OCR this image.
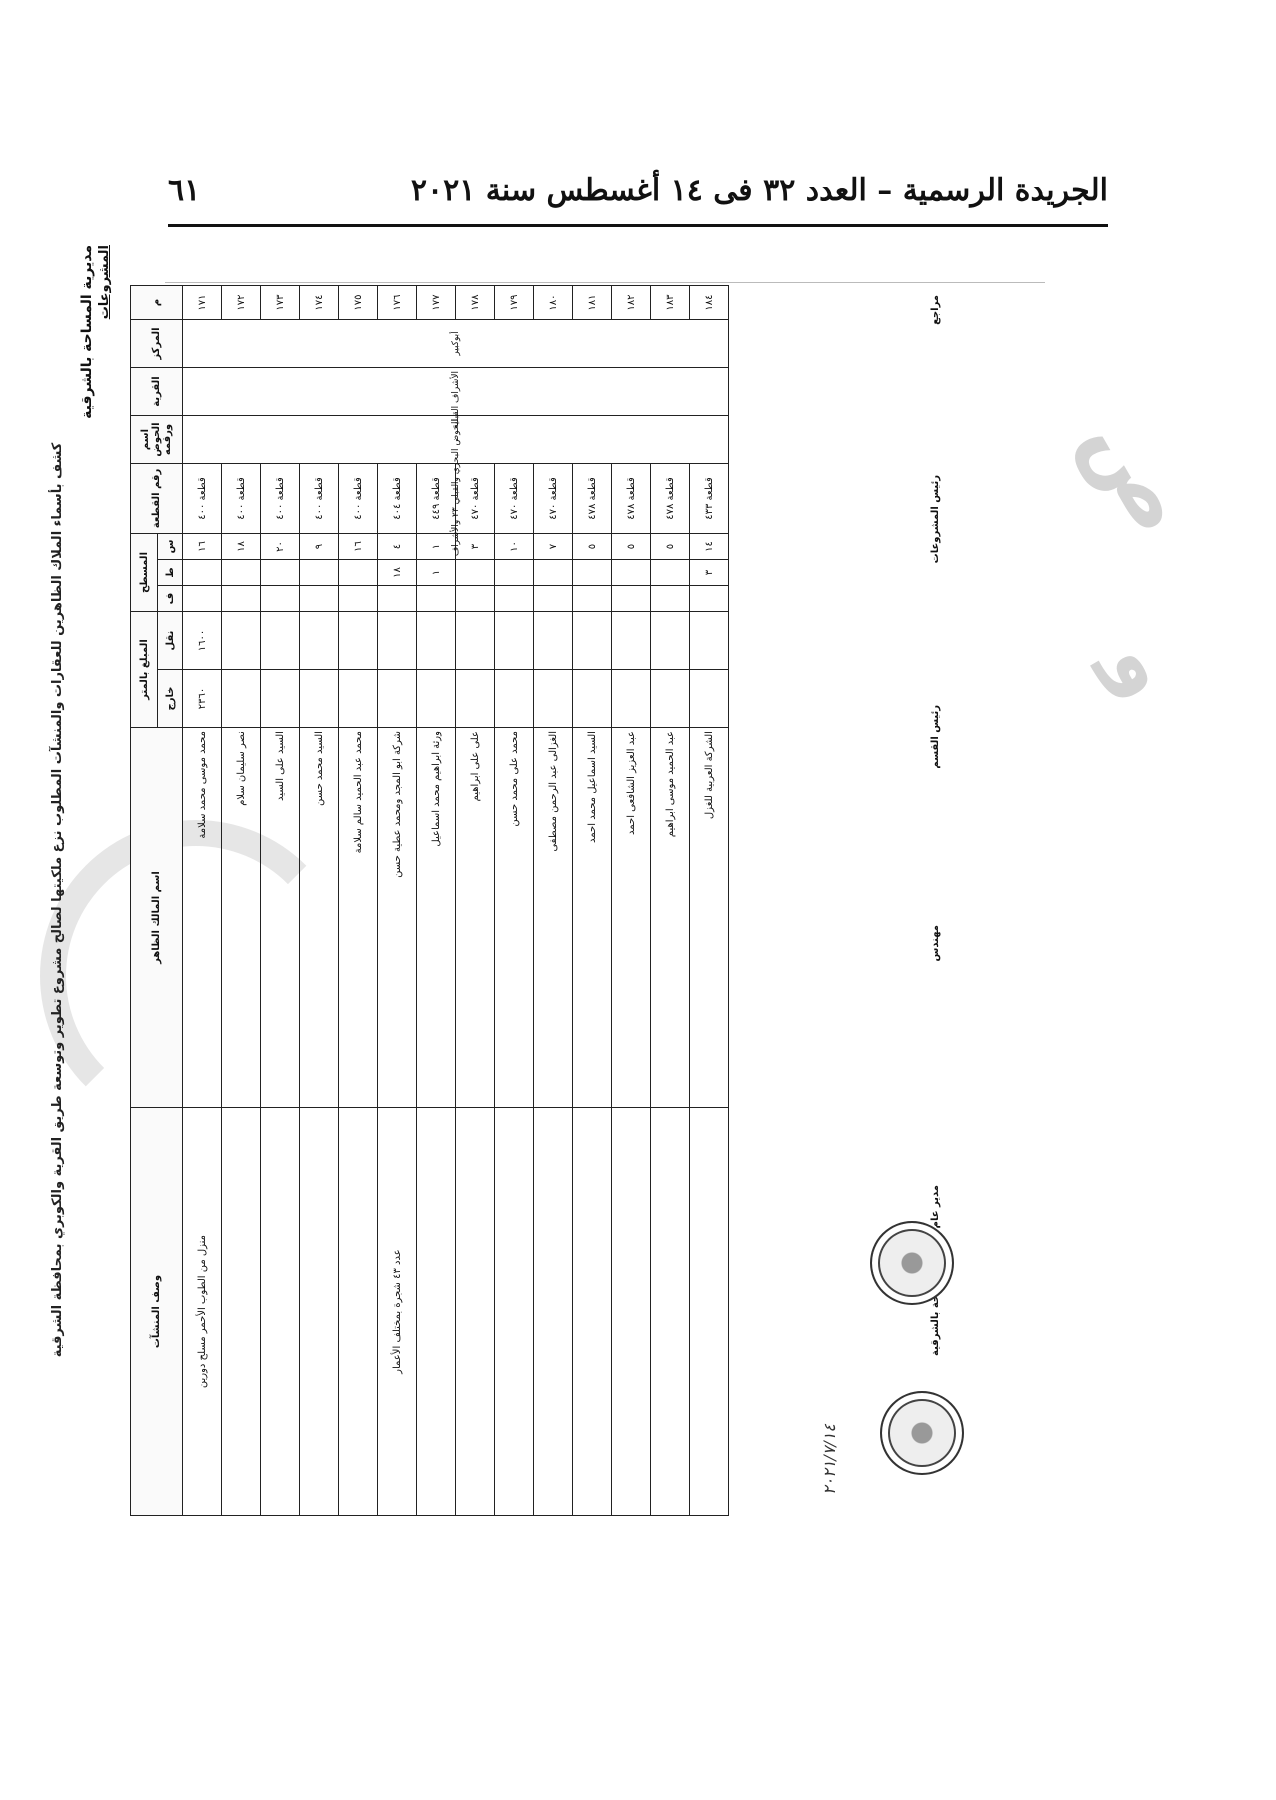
ص
و
الجريدة الرسمية – العدد ٣٢ فى ١٤ أغسطس سنة ٢٠٢١
٦١
كشف بأسماء الملاك الظاهرين للعقارات والمنشآت المطلوب نزع ملكيتها لصالح مشروع تطوير وتوسعة طريق القرية والكوبري بمحافظة الشرقية
مديرية المساحة بالشرقية المشروعات	م	المركز	القرية	اسم الحوض ورقمه	رقم القطعة	المسطح			المبلغ بالمتر		اسم المالك الظاهر	وصف المنشآت
					س	ط	ف	نقل	خارج		
١٧١	أبوكبير	الأشراف القبلية	الحوض البحري والقبلي ٢٣ والأشراف	قطعة ٤٠٠	١٦			١٦٠٠	٢٣٦٠	محمد موسى محمد سلامة	منزل من الطوب الأحمر مسلح دورين
١٧٢				قطعة ٤٠٠	١٨					نصر سليمان سلام	
١٧٣				قطعة ٤٠٠	٢٠					السيد على السيد	
١٧٤				قطعة ٤٠٠	٩					السيد محمد حسن	
١٧٥				قطعة ٤٠٠	١٦					محمد عبد الحميد سالم سلامة	
١٧٦				قطعة ٤٠٤	٤	١٨				شركة ابو المجد ومحمد عطية حسن	عدد ٤٣ شجرة بمختلف الأعمار
١٧٧				قطعة ٤٤٩	١	١				ورثة ابراهيم محمد اسماعيل	
١٧٨				قطعة ٤٧٠	٣					على على ابراهيم	
١٧٩				قطعة ٤٧٠	١٠					محمد على محمد حسن	
١٨٠				قطعة ٤٧٠	٧					الغزالى عبد الرحمن مصطفى	
١٨١				قطعة ٤٧٨	٥					السيد اسماعيل محمد احمد	
١٨٢				قطعة ٤٧٨	٥					عبد العزيز الشافعى احمد	
١٨٣				قطعة ٤٧٨	٥					عبد الحميد موسى ابراهيم	
١٨٤				قطعة ٤٣٣	١٤	٣				الشركة العربية للغزل	
مراجع
رئيس المشروعات
رئيس القسم
مهندس
٢٠٢١/٧/١٤
